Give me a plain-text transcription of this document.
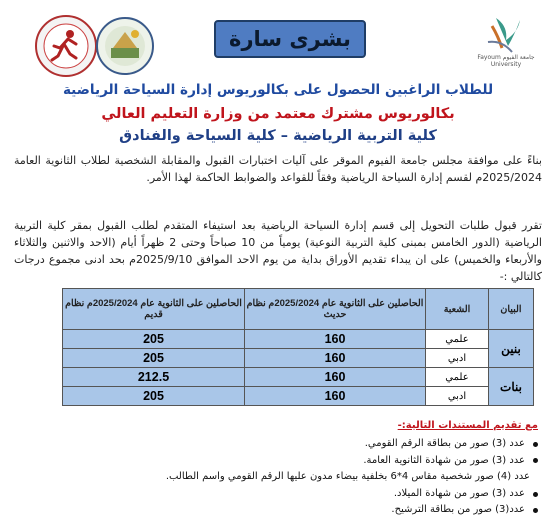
جامعة الفيوم Fayoum University
بشرى سارة
للطلاب الراغبين الحصول على بكالوريوس إدارة السياحة الرياضية
بكالوريوس مشترك معتمد من وزارة التعليم العالي
كلية التربية الرياضية – كلية السياحة والفنادق
بناءً على موافقة مجلس جامعة الفيوم الموقر على آليات اختبارات القبول والمقابلة الشخصية لطلاب الثانوية العامة 2025/2024م لقسم إدارة السياحة الرياضية وفقاً للقواعد والضوابط الحاكمة لهذا الأمر.
تقرر قبول طلبات التحويل إلى قسم إدارة السياحة الرياضية بعد استيفاء المتقدم لطلب القبول بمقر كلية التربية الرياضية (الدور الخامس بمبنى كلية التربية النوعية) يومياً من 10 صباحاً وحتى 2 ظهراً أيام (الاحد والاثنين والثلاثاء والأربعاء والخميس) على ان يبداء تقديم الأوراق بداية من يوم الاحد الموافق 2025/9/10م بحد ادنى مجموع درجات كالتالي :-
البيان	الشعبة	الحاصلين على الثانوية عام 2025/2024م نظام حديث	الحاصلين على الثانوية عام 2025/2024م نظام قديم
بنين	علمي	160	205
	ادبي	160	205
بنات	علمي	160	212.5
	ادبي	160	205
مع تقديم المستندات التالية:-
عدد (3) صور من بطاقة الرقم القومي.
عدد (3) صور من شهادة الثانوية العامة.
عدد (4) صور شخصية مقاس 4*6 بخلفية بيضاء مدون عليها الرقم القومي واسم الطالب.
عدد (3) صور من شهادة الميلاد.
عدد(3) صور من بطاقة الترشيح.
